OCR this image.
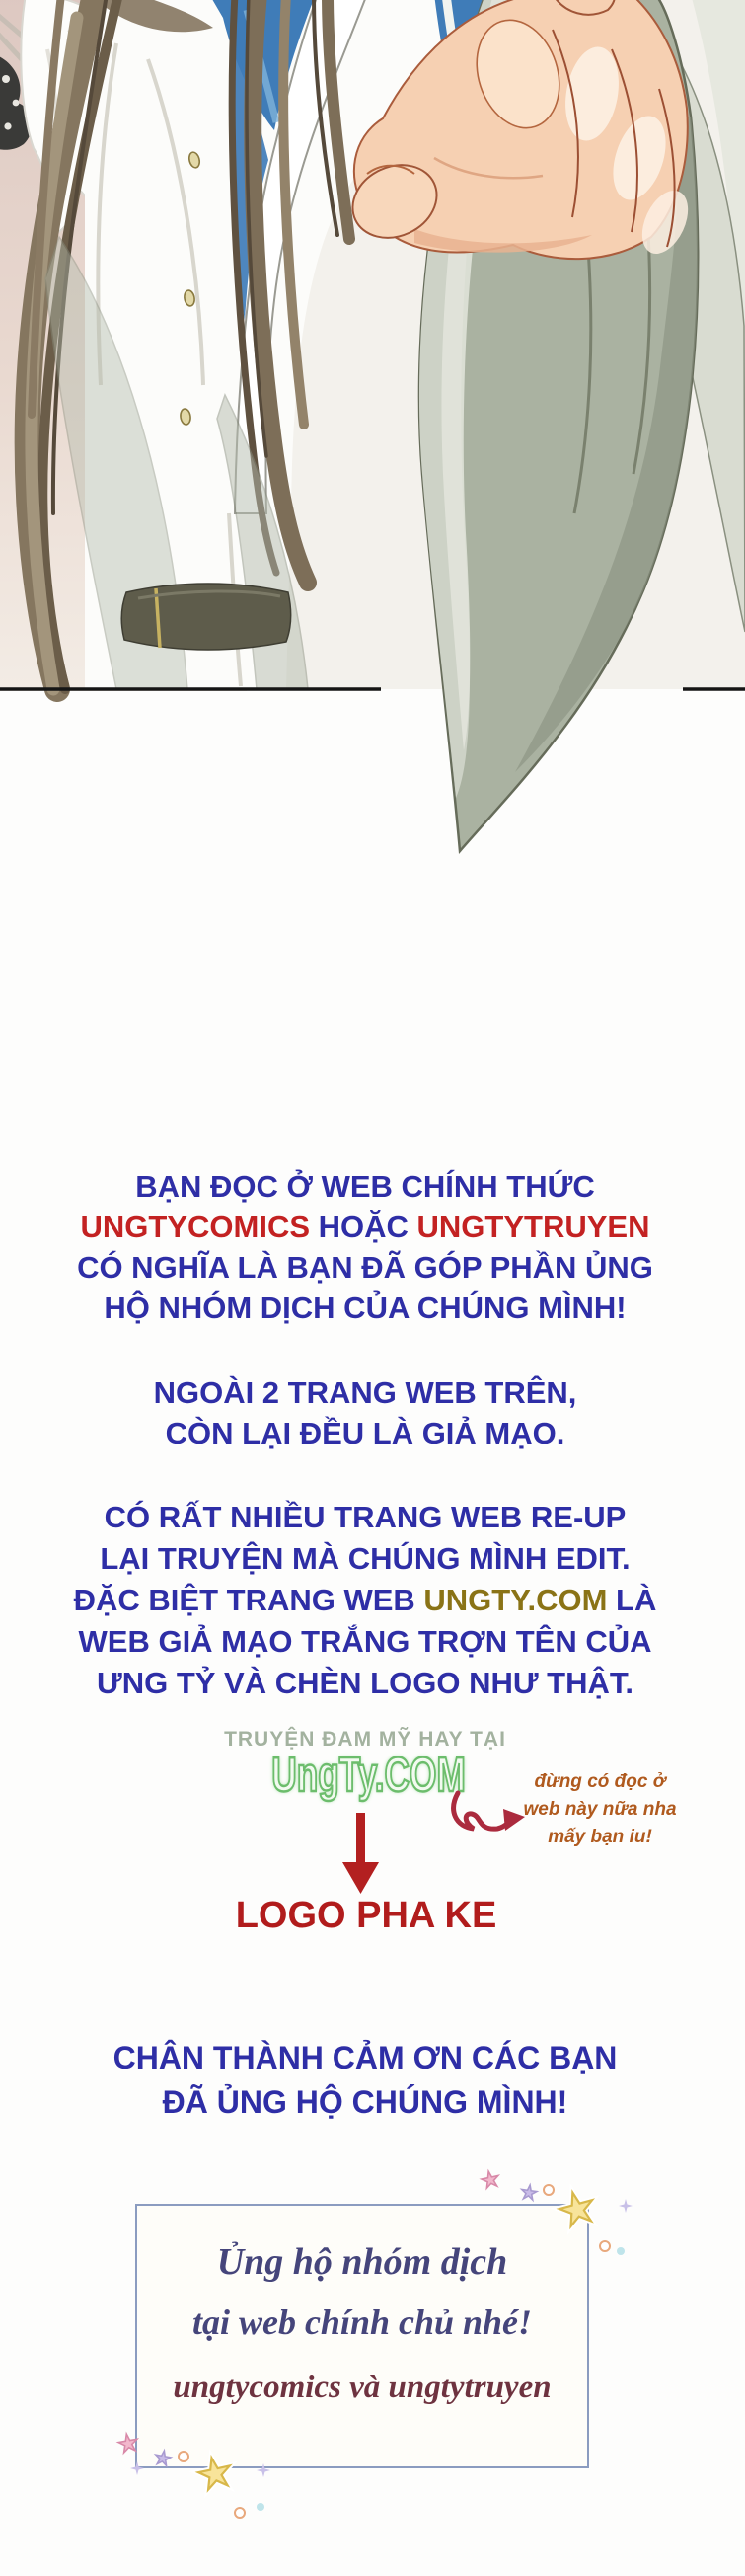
BẠN ĐỌC Ở WEB CHÍNH THỨC
UNGTYCOMICS HOẶC UNGTYTRUYEN
CÓ NGHĨA LÀ BẠN ĐÃ GÓP PHẦN ỦNG
HỘ NHÓM DỊCH CỦA CHÚNG MÌNH!
NGOÀI 2 TRANG WEB TRÊN,
CÒN LẠI ĐỀU LÀ GIẢ MẠO.
CÓ RẤT NHIỀU TRANG WEB RE-UP
LẠI TRUYỆN MÀ CHÚNG MÌNH EDIT.
ĐẶC BIỆT TRANG WEB UNGTY.COM LÀ
WEB GIẢ MẠO TRẮNG TRỢN TÊN CỦA
ƯNG TỶ VÀ CHÈN LOGO NHƯ THẬT.
TRUYỆN ĐAM MỸ HAY TẠI
UngTy.COM
LOGO PHA KE
đừng có đọc ở
web này nữa nha
mấy bạn iu!
CHÂN THÀNH CẢM ƠN CÁC BẠN
ĐÃ ỦNG HỘ CHÚNG MÌNH!
Ủng hộ nhóm dịch
tại web chính chủ nhé!
ungtycomics và ungtytruyen
